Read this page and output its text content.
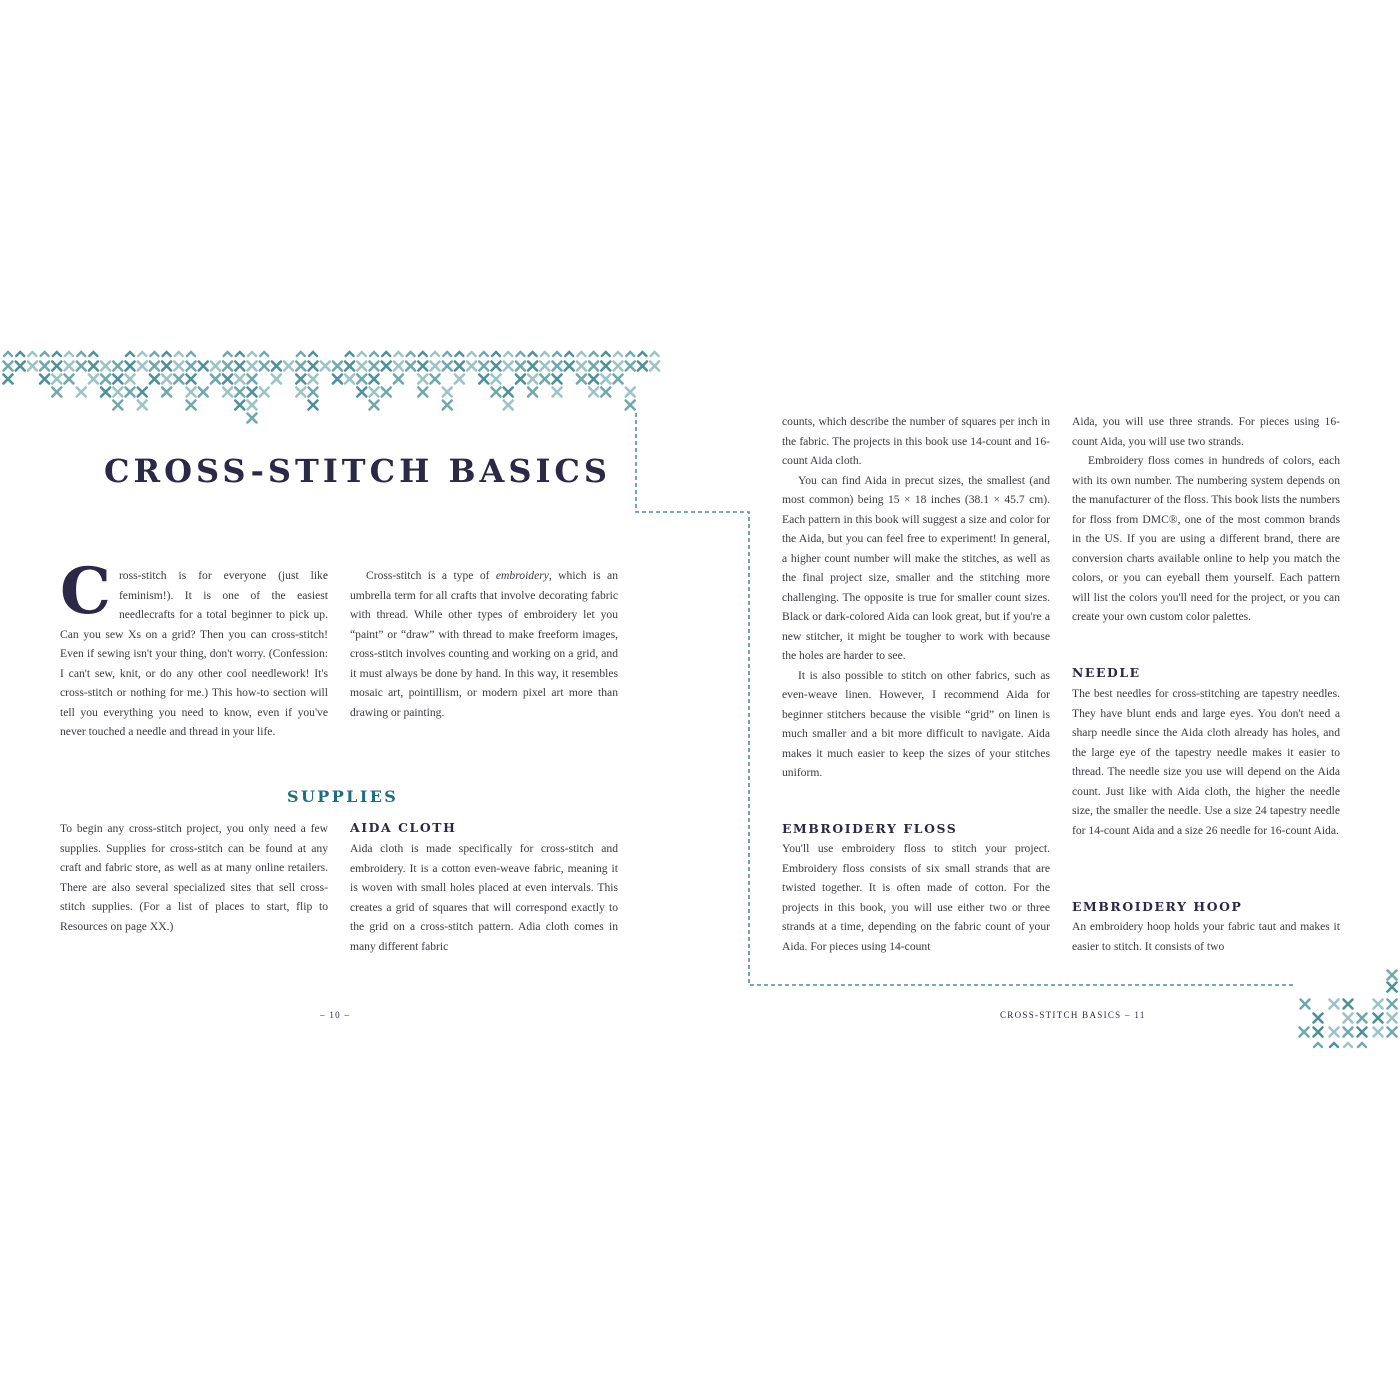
CROSS-STITCH BASICS
Cross-stitch is for everyone (just like feminism!). It is one of the easiest needlecrafts for a total beginner to pick up. Can you sew Xs on a grid? Then you can cross-stitch! Even if sewing isn't your thing, don't worry. (Confession: I can't sew, knit, or do any other cool needlework! It's cross-stitch or nothing for me.) This how-to section will tell you everything you need to know, even if you've never touched a needle and thread in your life.

Cross-stitch is a type of embroidery, which is an umbrella term for all crafts that involve decorating fabric with thread. While other types of embroidery let you “paint” or “draw” with thread to make freeform images, cross-stitch involves counting and working on a grid, and it must always be done by hand. In this way, it resembles mosaic art, pointillism, or modern pixel art more than drawing or painting.

SUPPLIES
To begin any cross-stitch project, you only need a few supplies. Supplies for cross-stitch can be found at any craft and fabric store, as well as at many online retailers. There are also several specialized sites that sell cross-stitch supplies. (For a list of places to start, flip to Resources on page XX.)
AIDA CLOTH
Aida cloth is made specifically for cross-stitch and embroidery. It is a cotton even-weave fabric, meaning it is woven with small holes placed at even intervals. This creates a grid of squares that will correspond exactly to the grid on a cross-stitch pattern. Adia cloth comes in many different fabric
– 10 –

counts, which describe the number of squares per inch in the fabric. The projects in this book use 14-count and 16-count Aida cloth.

You can find Aida in precut sizes, the smallest (and most common) being 15 × 18 inches (38.1 × 45.7 cm). Each pattern in this book will suggest a size and color for the Aida, but you can feel free to experiment! In general, a higher count number will make the stitches, as well as the final project size, smaller and the stitching more challenging. The opposite is true for smaller count sizes. Black or dark-colored Aida can look great, but if you're a new stitcher, it might be tougher to work with because the holes are harder to see.

It is also possible to stitch on other fabrics, such as even-weave linen. However, I recommend Aida for beginner stitchers because the visible “grid” on linen is much smaller and a bit more difficult to navigate. Aida makes it much easier to keep the sizes of your stitches uniform.

EMBROIDERY FLOSS
You'll use embroidery floss to stitch your project. Embroidery floss consists of six small strands that are twisted together. It is often made of cotton. For the projects in this book, you will use either two or three strands at a time, depending on the fabric count of your Aida. For pieces using 14-count

Aida, you will use three strands. For pieces using 16-count Aida, you will use two strands.

Embroidery floss comes in hundreds of colors, each with its own number. The numbering system depends on the manufacturer of the floss. This book lists the numbers for floss from DMC®, one of the most common brands in the US. If you are using a different brand, there are conversion charts available online to help you match the colors, or you can eyeball them yourself. Each pattern will list the colors you'll need for the project, or you can create your own custom color palettes.

NEEDLE
The best needles for cross-stitching are tapestry needles. They have blunt ends and large eyes. You don't need a sharp needle since the Aida cloth already has holes, and the large eye of the tapestry needle makes it easier to thread. The needle size you use will depend on the Aida count. Just like with Aida cloth, the higher the needle size, the smaller the needle. Use a size 24 tapestry needle for 14-count Aida and a size 26 needle for 16-count Aida.
EMBROIDERY HOOP
An embroidery hoop holds your fabric taut and makes it easier to stitch. It consists of two
CROSS-STITCH BASICS – 11
